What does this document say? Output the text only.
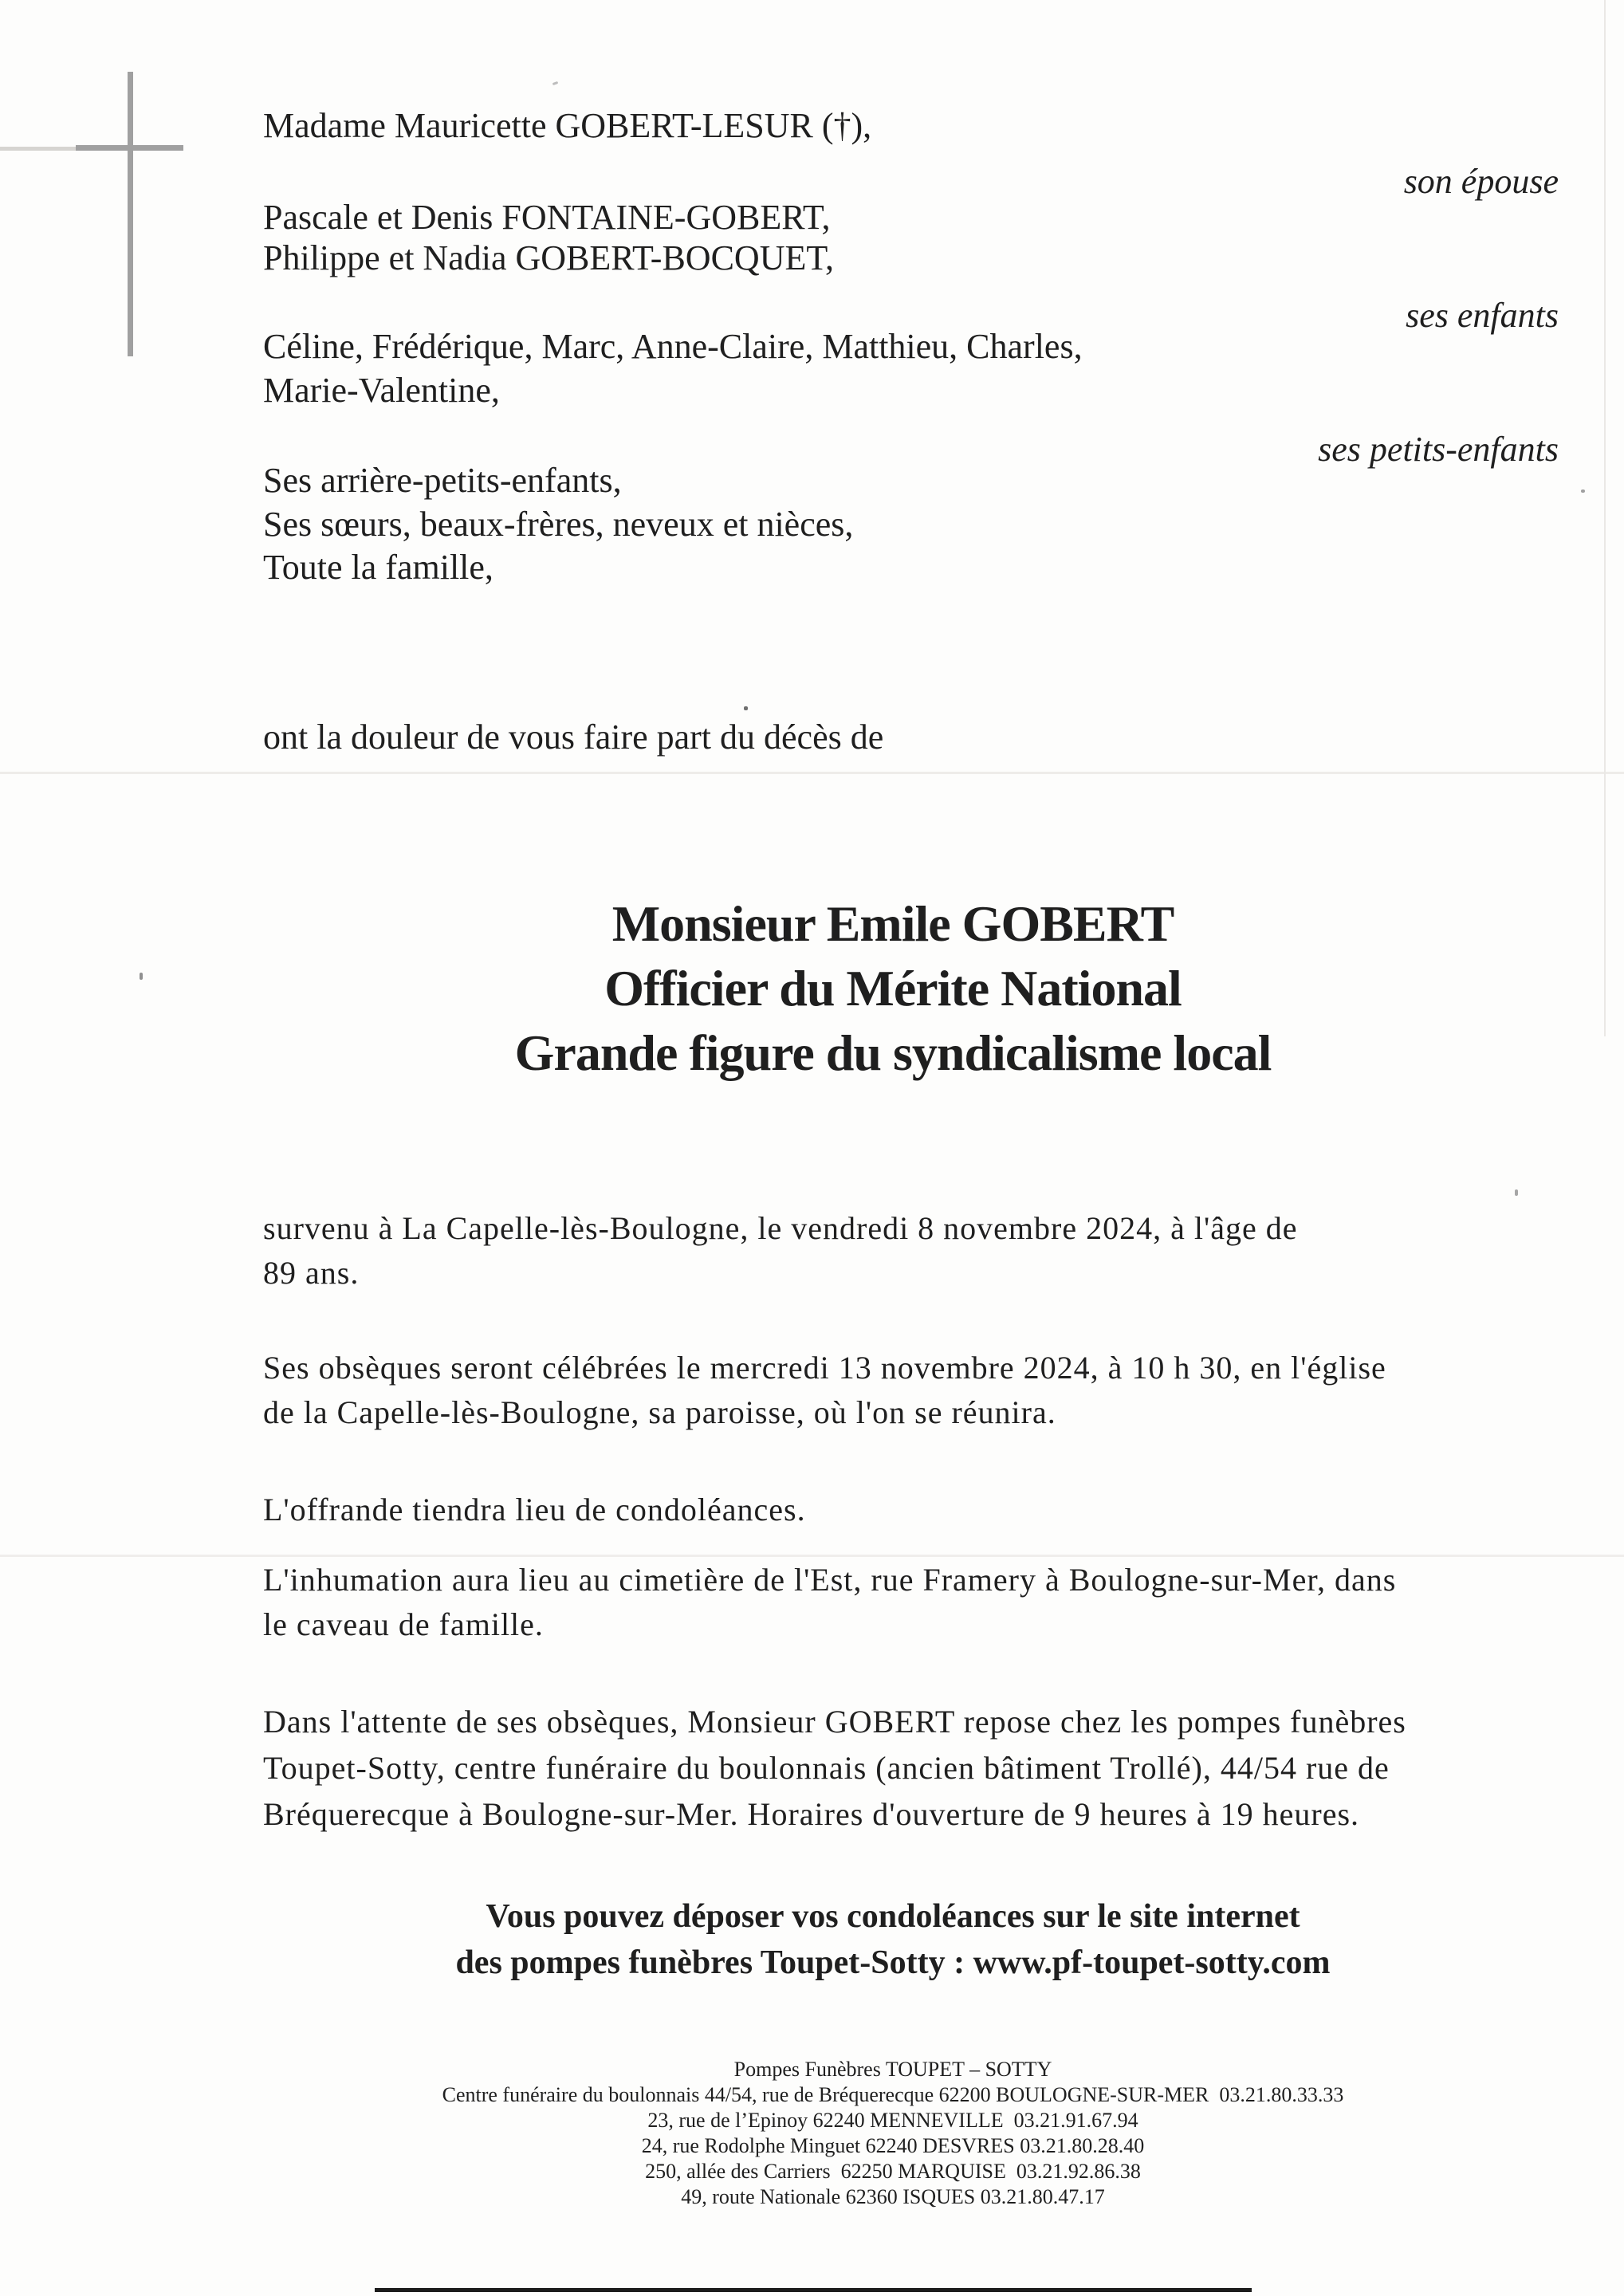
Madame Mauricette GOBERT-LESUR (†),
son épouse
Pascale et Denis FONTAINE-GOBERT,
Philippe et Nadia GOBERT-BOCQUET,
ses enfants
Céline, Frédérique, Marc, Anne-Claire, Matthieu, Charles,
Marie-Valentine,
ses petits-enfants
Ses arrière-petits-enfants,
Ses sœurs, beaux-frères, neveux et nièces,
Toute la famille,
ont la douleur de vous faire part du décès de
Monsieur Emile GOBERT
Officier du Mérite National
Grande figure du syndicalisme local
survenu à La Capelle-lès-Boulogne, le vendredi 8 novembre 2024, à l'âge de
89 ans.
Ses obsèques seront célébrées le mercredi 13 novembre 2024, à 10 h 30, en l'église
de la Capelle-lès-Boulogne, sa paroisse, où l'on se réunira.
L'offrande tiendra lieu de condoléances.
L'inhumation aura lieu au cimetière de l'Est, rue Framery à Boulogne-sur-Mer, dans
le caveau de famille.
Dans l'attente de ses obsèques, Monsieur GOBERT repose chez les pompes funèbres
Toupet-Sotty, centre funéraire du boulonnais (ancien bâtiment Trollé), 44/54 rue de
Bréquerecque à Boulogne-sur-Mer. Horaires d'ouverture de 9 heures à 19 heures.
Vous pouvez déposer vos condoléances sur le site internet
des pompes funèbres Toupet-Sotty : www.pf-toupet-sotty.com
Pompes Funèbres TOUPET – SOTTY
Centre funéraire du boulonnais 44/54, rue de Bréquerecque 62200 BOULOGNE-SUR-MER  03.21.80.33.33
23, rue de l’Epinoy 62240 MENNEVILLE  03.21.91.67.94
24, rue Rodolphe Minguet 62240 DESVRES 03.21.80.28.40
250, allée des Carriers  62250 MARQUISE  03.21.92.86.38
49, route Nationale 62360 ISQUES 03.21.80.47.17
